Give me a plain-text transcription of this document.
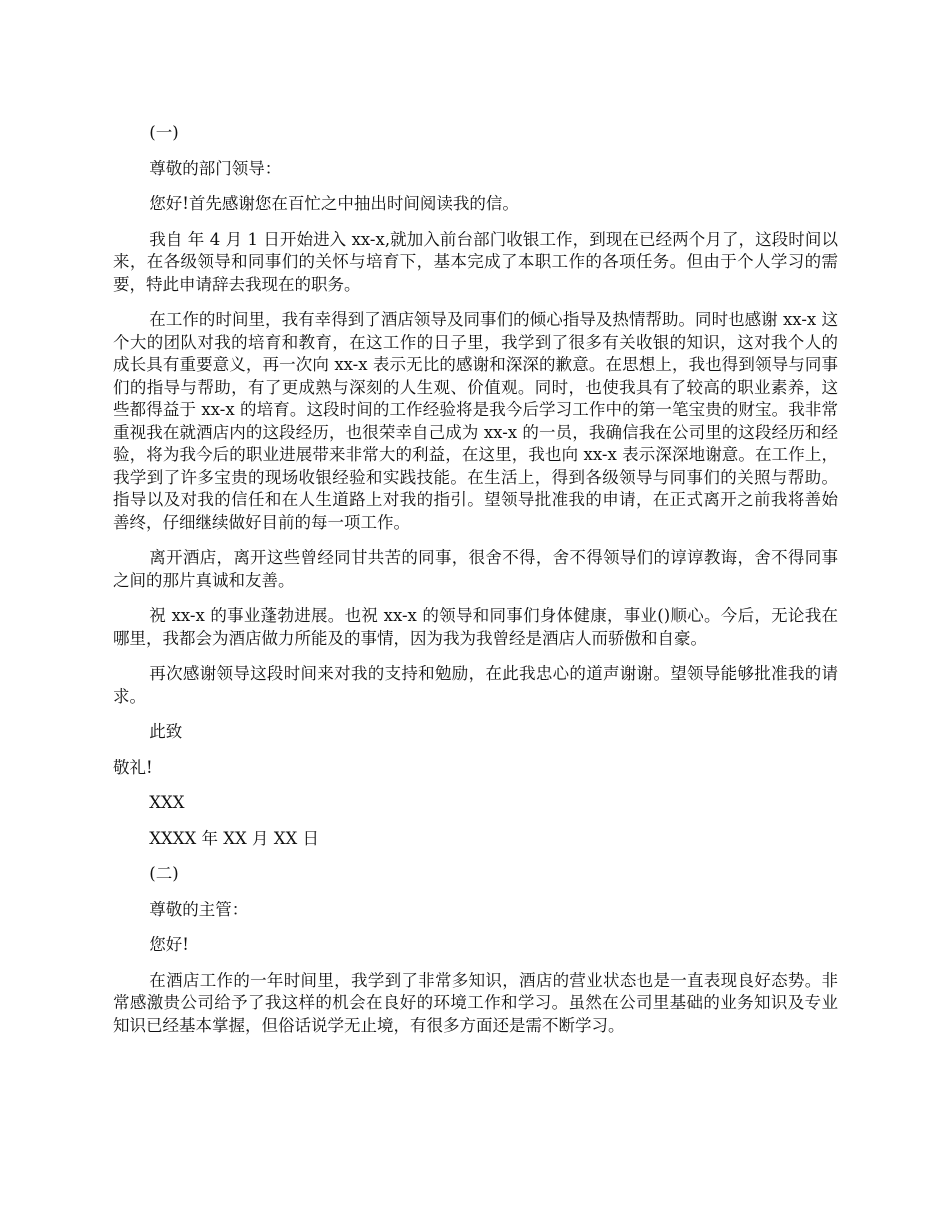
(一)

尊敬的部门领导：

您好!首先感谢您在百忙之中抽出时间阅读我的信。

我自 年 4 月 1 日开始进入 xx-x,就加入前台部门收银工作，到现在已经两个月了，这段时间以来，在各级领导和同事们的关怀与培育下，基本完成了本职工作的各项任务。但由于个人学习的需要，特此申请辞去我现在的职务。

在工作的时间里，我有幸得到了酒店领导及同事们的倾心指导及热情帮助。同时也感谢 xx-x 这个大的团队对我的培育和教育，在这工作的日子里，我学到了很多有关收银的知识，这对我个人的成长具有重要意义，再一次向 xx-x 表示无比的感谢和深深的歉意。在思想上，我也得到领导与同事们的指导与帮助，有了更成熟与深刻的人生观、价值观。同时，也使我具有了较高的职业素养，这些都得益于 xx-x 的培育。这段时间的工作经验将是我今后学习工作中的第一笔宝贵的财宝。我非常重视我在就酒店内的这段经历，也很荣幸自己成为 xx-x 的一员，我确信我在公司里的这段经历和经验，将为我今后的职业进展带来非常大的利益，在这里，我也向 xx-x 表示深深地谢意。在工作上，我学到了许多宝贵的现场收银经验和实践技能。在生活上，得到各级领导与同事们的关照与帮助。指导以及对我的信任和在人生道路上对我的指引。望领导批准我的申请，在正式离开之前我将善始善终，仔细继续做好目前的每一项工作。

离开酒店，离开这些曾经同甘共苦的同事，很舍不得，舍不得领导们的谆谆教诲，舍不得同事之间的那片真诚和友善。

祝 xx-x 的事业蓬勃进展。也祝 xx-x 的领导和同事们身体健康，事业()顺心。今后，无论我在哪里，我都会为酒店做力所能及的事情，因为我为我曾经是酒店人而骄傲和自豪。

再次感谢领导这段时间来对我的支持和勉励，在此我忠心的道声谢谢。望领导能够批准我的请求。

此致

敬礼!

XXX

XXXX 年 XX 月 XX 日

(二)

尊敬的主管：

您好!

在酒店工作的一年时间里，我学到了非常多知识，酒店的营业状态也是一直表现良好态势。非常感激贵公司给予了我这样的机会在良好的环境工作和学习。虽然在公司里基础的业务知识及专业知识已经基本掌握，但俗话说学无止境，有很多方面还是需不断学习。
